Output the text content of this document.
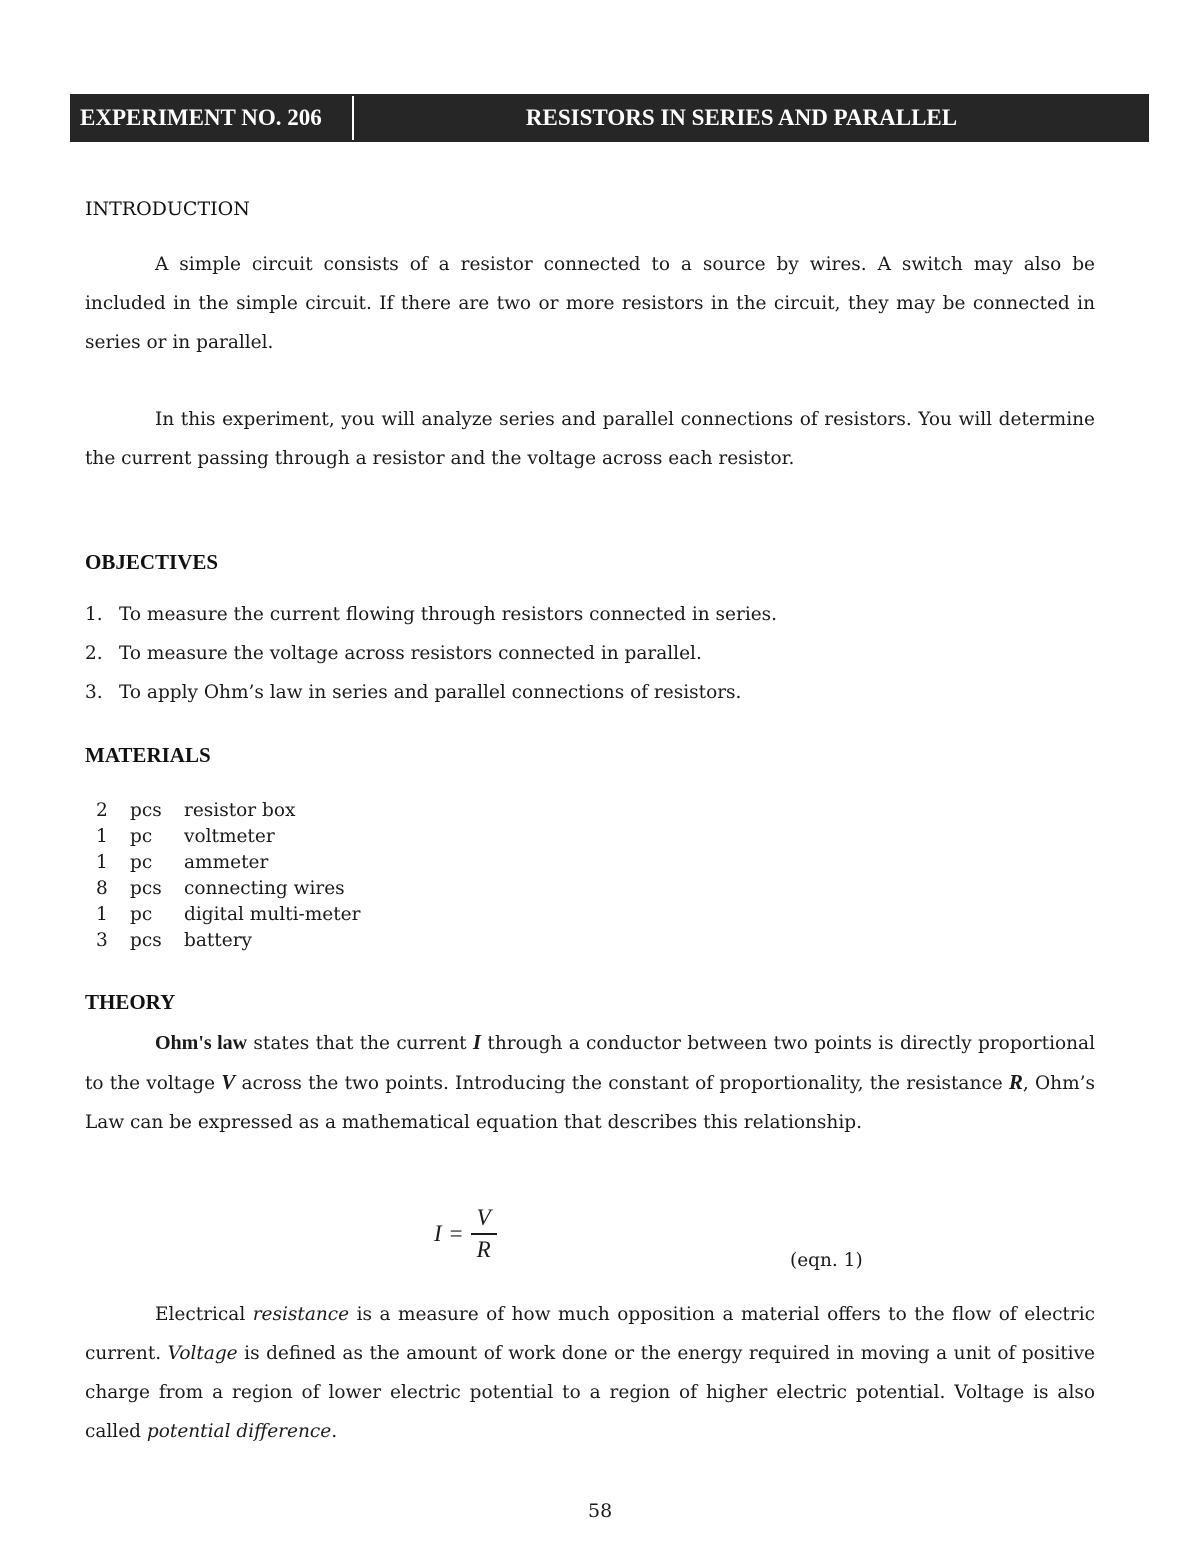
EXPERIMENT NO. 206	RESISTORS IN SERIES AND PARALLEL
INTRODUCTION

A simple circuit consists of a resistor connected to a source by wires. A switch may also be included in the simple circuit. If there are two or more resistors in the circuit, they may be connected in series or in parallel.

In this experiment, you will analyze series and parallel connections of resistors. You will determine the current passing through a resistor and the voltage across each resistor.

OBJECTIVES
1. To measure the current flowing through resistors connected in series.
2. To measure the voltage across resistors connected in parallel.
3. To apply Ohm’s law in series and parallel connections of resistors.
MATERIALS
2	pcs	resistor box
1	pc	voltmeter
1	pc	ammeter
8	pcs	connecting wires
1	pc	digital multi-meter
3	pcs	battery
THEORY

Ohm's law states that the current I through a conductor between two points is directly proportional to the voltage V across the two points. Introducing the constant of proportionality, the resistance R, Ohm’s Law can be expressed as a mathematical equation that describes this relationship.

$I = \frac{V}{R}$	(eqn. 1)

Electrical resistance is a measure of how much opposition a material offers to the flow of electric current. Voltage is defined as the amount of work done or the energy required in moving a unit of positive charge from a region of lower electric potential to a region of higher electric potential. Voltage is also called potential difference.

58
